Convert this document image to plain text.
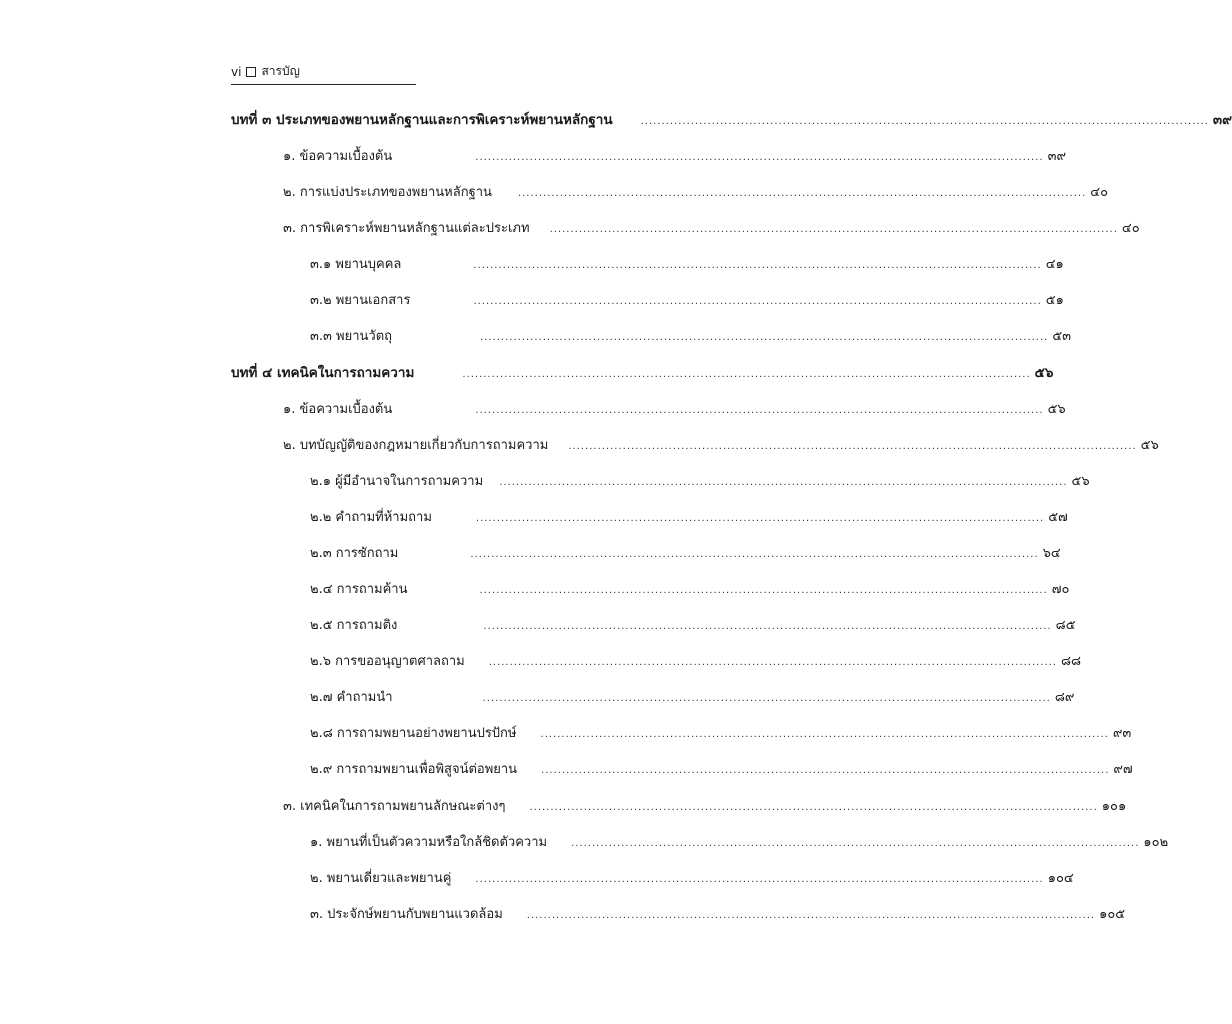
vi สารบัญ
บทที่ ๓ ประเภทของพยานหลักฐานและการพิเคราะห์พยานหลักฐาน	........................................................................................................................................ ๓๙
๑. ข้อความเบื้องต้น	........................................................................................................................................ ๓๙
๒. การแบ่งประเภทของพยานหลักฐาน	........................................................................................................................................ ๔๐
๓. การพิเคราะห์พยานหลักฐานแต่ละประเภท ........................................................................................................................................ ๔๐
๓.๑ พยานบุคคล	........................................................................................................................................ ๔๑
๓.๒ พยานเอกสาร	........................................................................................................................................ ๕๑
๓.๓ พยานวัตถุ	........................................................................................................................................ ๕๓
บทที่ ๔ เทคนิคในการถามความ	........................................................................................................................................ ๕๖
๑. ข้อความเบื้องต้น	........................................................................................................................................ ๕๖
๒. บทบัญญัติของกฎหมายเกี่ยวกับการถามความ ........................................................................................................................................ ๕๖
๒.๑ ผู้มีอำนาจในการถามความ ........................................................................................................................................ ๕๖
๒.๒ คำถามที่ห้ามถาม	........................................................................................................................................ ๕๗
๒.๓ การซักถาม	........................................................................................................................................ ๖๔
๒.๔ การถามค้าน	........................................................................................................................................ ๗๐
๒.๕ การถามติง	........................................................................................................................................ ๘๕
๒.๖ การขออนุญาตศาลถาม ........................................................................................................................................ ๘๘
๒.๗ คำถามนำ	........................................................................................................................................ ๘๙
๒.๘ การถามพยานอย่างพยานปรปักษ์ ........................................................................................................................................ ๙๓
๒.๙ การถามพยานเพื่อพิสูจน์ต่อพยาน ........................................................................................................................................ ๙๗
๓. เทคนิคในการถามพยานลักษณะต่างๆ ........................................................................................................................................ ๑๐๑
๑. พยานที่เป็นตัวความหรือใกล้ชิดตัวความ ........................................................................................................................................ ๑๐๒
๒. พยานเดี่ยวและพยานคู่ ........................................................................................................................................ ๑๐๔
๓. ประจักษ์พยานกับพยานแวดล้อม ........................................................................................................................................ ๑๐๕
